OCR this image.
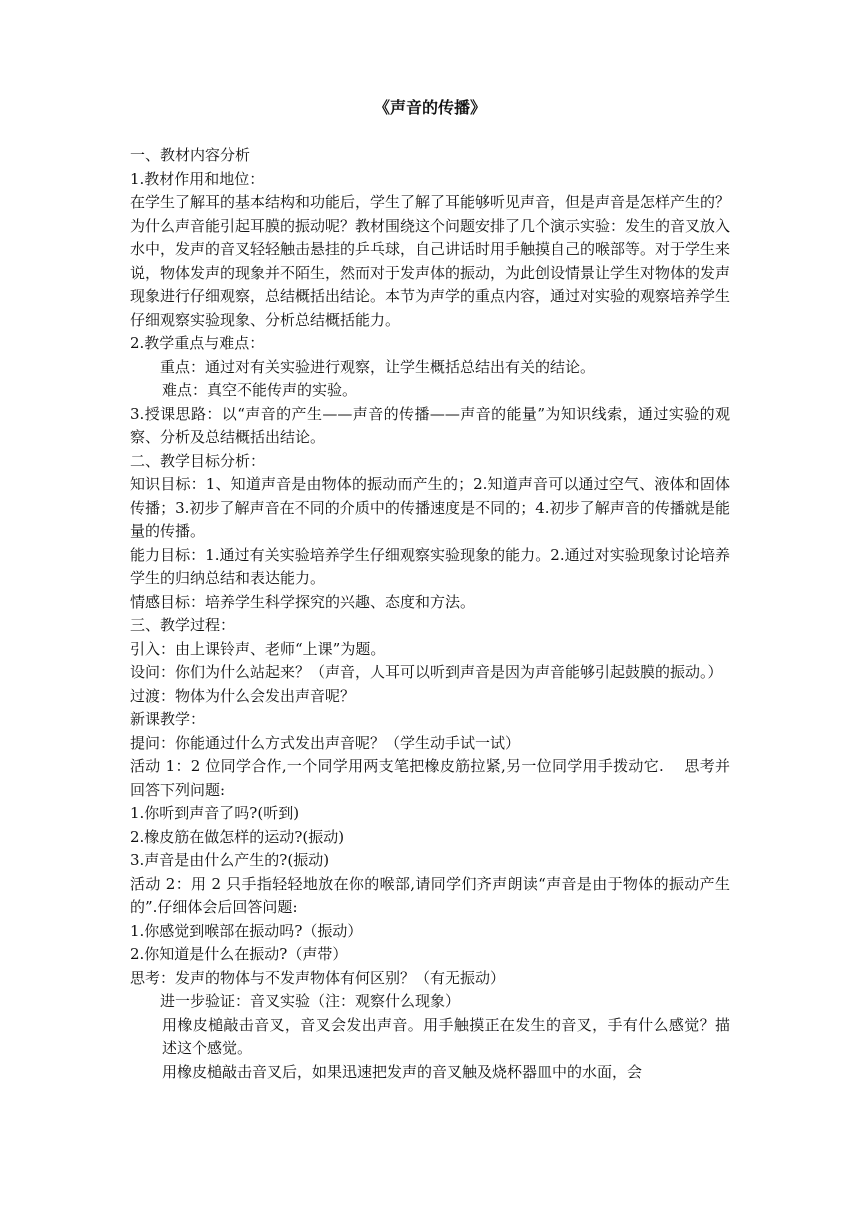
《声音的传播》

一、教材内容分析

1.教材作用和地位：

在学生了解耳的基本结构和功能后，学生了解了耳能够听见声音，但是声音是怎样产生的？为什么声音能引起耳膜的振动呢？教材围绕这个问题安排了几个演示实验：发生的音叉放入水中，发声的音叉轻轻触击悬挂的乒乓球，自己讲话时用手触摸自己的喉部等。对于学生来说，物体发声的现象并不陌生，然而对于发声体的振动，为此创设情景让学生对物体的发声现象进行仔细观察，总结概括出结论。本节为声学的重点内容，通过对实验的观察培养学生仔细观察实验现象、分析总结概括能力。

2.教学重点与难点：

重点：通过对有关实验进行观察，让学生概括总结出有关的结论。

难点：真空不能传声的实验。

3.授课思路：以“声音的产生——声音的传播——声音的能量”为知识线索，通过实验的观察、分析及总结概括出结论。

二、教学目标分析：

知识目标：1、知道声音是由物体的振动而产生的；2.知道声音可以通过空气、液体和固体传播；3.初步了解声音在不同的介质中的传播速度是不同的；4.初步了解声音的传播就是能量的传播。

能力目标：1.通过有关实验培养学生仔细观察实验现象的能力。2.通过对实验现象讨论培养学生的归纳总结和表达能力。

情感目标：培养学生科学探究的兴趣、态度和方法。

三、教学过程：

引入：由上课铃声、老师“上课”为题。

设问：你们为什么站起来？（声音，人耳可以听到声音是因为声音能够引起鼓膜的振动。）

过渡：物体为什么会发出声音呢？

新课教学：

提问：你能通过什么方式发出声音呢？（学生动手试一试）

活动 1：2 位同学合作,一个同学用两支笔把橡皮筋拉紧,另一位同学用手拨动它.　 思考并回答下列问题:

1.你听到声音了吗?(听到)

2.橡皮筋在做怎样的运动?(振动)

3.声音是由什么产生的?(振动)

活动 2：用 2 只手指轻轻地放在你的喉部,请同学们齐声朗读“声音是由于物体的振动产生的”.仔细体会后回答问题:

1.你感觉到喉部在振动吗?（振动）

2.你知道是什么在振动?（声带）

思考：发声的物体与不发声物体有何区别？（有无振动）

进一步验证：音叉实验（注：观察什么现象）

用橡皮槌敲击音叉，音叉会发出声音。用手触摸正在发生的音叉，手有什么感觉？描述这个感觉。

用橡皮槌敲击音叉后，如果迅速把发声的音叉触及烧杯器皿中的水面，会
